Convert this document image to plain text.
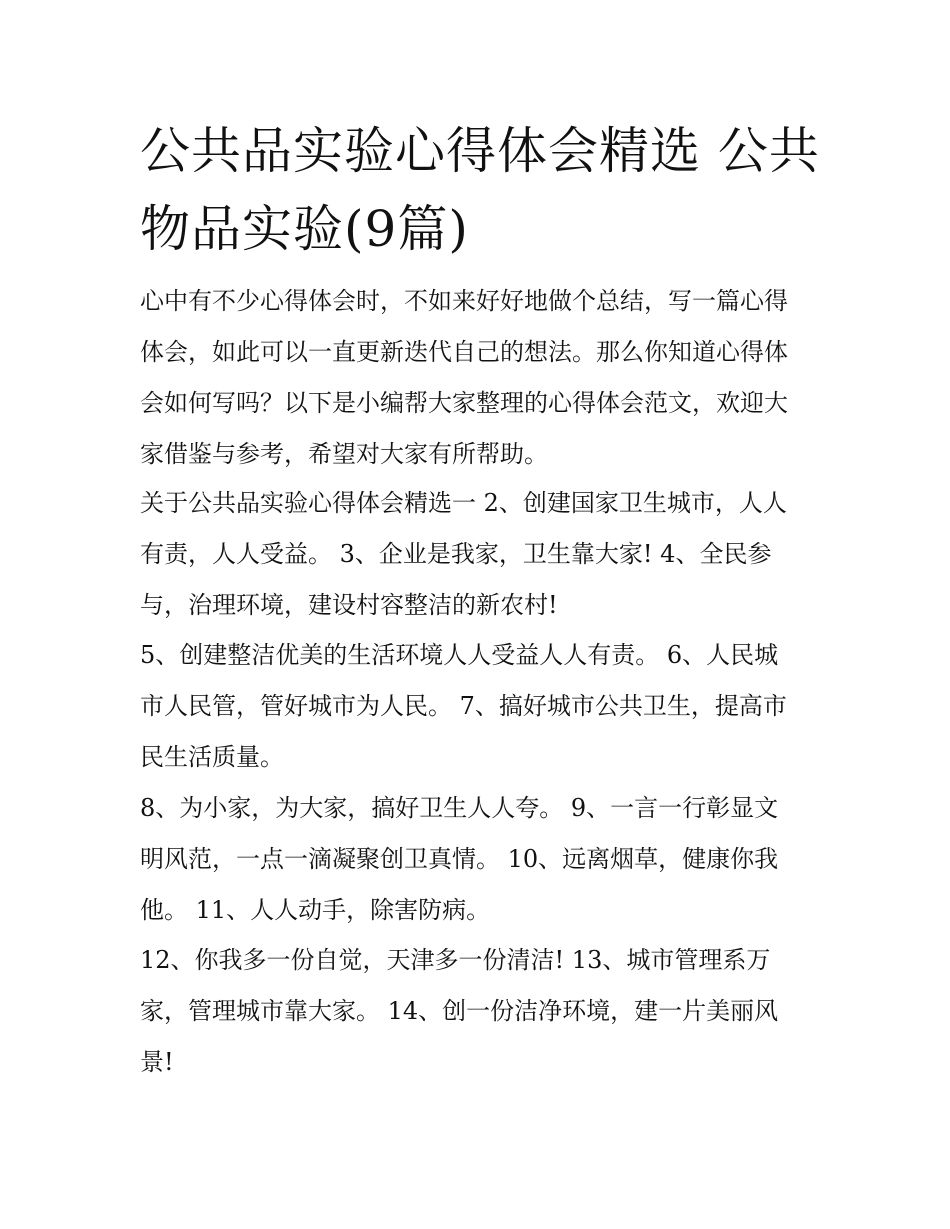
公共品实验心得体会精选 公共
物品实验(9篇)

心中有不少心得体会时，不如来好好地做个总结，写一篇心得
体会，如此可以一直更新迭代自己的想法。那么你知道心得体
会如何写吗？以下是小编帮大家整理的心得体会范文，欢迎大
家借鉴与参考，希望对大家有所帮助。

关于公共品实验心得体会精选一 2、创建国家卫生城市，人人
有责，人人受益。 3、企业是我家，卫生靠大家! 4、全民参
与，治理环境，建设村容整洁的新农村!

5、创建整洁优美的生活环境人人受益人人有责。 6、人民城
市人民管，管好城市为人民。 7、搞好城市公共卫生，提高市
民生活质量。

8、为小家，为大家，搞好卫生人人夸。 9、一言一行彰显文
明风范，一点一滴凝聚创卫真情。 10、远离烟草，健康你我
他。 11、人人动手，除害防病。

12、你我多一份自觉，天津多一份清洁! 13、城市管理系万
家，管理城市靠大家。 14、创一份洁净环境，建一片美丽风
景!
